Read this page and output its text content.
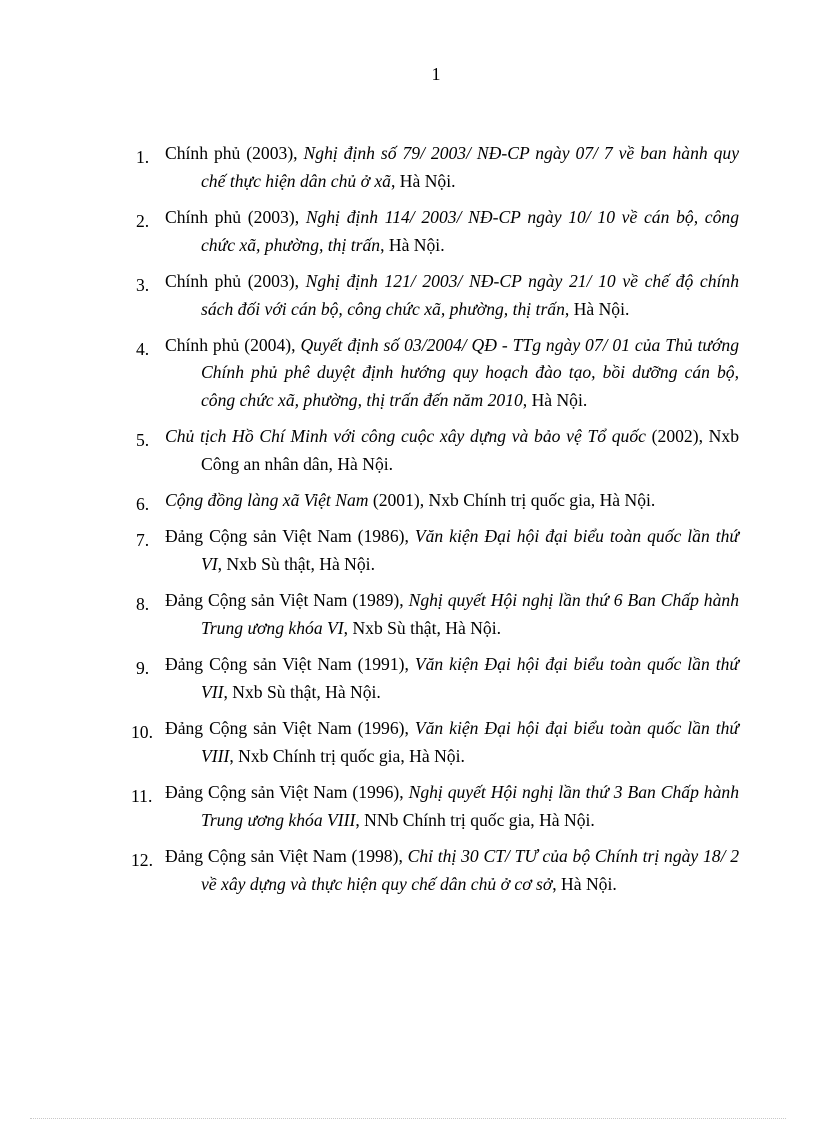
1
1. Chính phủ (2003), Nghị định số 79/ 2003/ NĐ-CP ngày 07/ 7 về ban hành quy chế thực hiện dân chủ ở xã, Hà Nội.
2. Chính phủ (2003), Nghị định 114/ 2003/ NĐ-CP ngày 10/ 10 về cán bộ, công chức xã, phường, thị trấn, Hà Nội.
3. Chính phủ (2003), Nghị định 121/ 2003/ NĐ-CP ngày 21/ 10 về chế độ chính sách đối với cán bộ, công chức xã, phường, thị trấn, Hà Nội.
4. Chính phủ (2004), Quyết định số 03/2004/ QĐ - TTg ngày 07/ 01 của Thủ tướng Chính phủ phê duyệt định hướng quy hoạch đào tạo, bồi dưỡng cán bộ, công chức xã, phường, thị trấn đến năm 2010, Hà Nội.
5. Chủ tịch Hồ Chí Minh với công cuộc xây dựng và bảo vệ Tổ quốc (2002), Nxb Công an nhân dân, Hà Nội.
6. Cộng đồng làng xã Việt Nam (2001), Nxb Chính trị quốc gia, Hà Nội.
7. Đảng Cộng sản Việt Nam (1986), Văn kiện Đại hội đại biểu toàn quốc lần thứ VI, Nxb Sù thật, Hà Nội.
8. Đảng Cộng sản Việt Nam (1989), Nghị quyết Hội nghị lần thứ 6 Ban Chấp hành Trung ương khóa VI, Nxb Sù thật, Hà Nội.
9. Đảng Cộng sản Việt Nam (1991), Văn kiện Đại hội đại biểu toàn quốc lần thứ VII, Nxb Sù thật, Hà Nội.
10. Đảng Cộng sản Việt Nam (1996), Văn kiện Đại hội đại biểu toàn quốc lần thứ VIII, Nxb Chính trị quốc gia, Hà Nội.
11. Đảng Cộng sản Việt Nam (1996), Nghị quyết Hội nghị lần thứ 3 Ban Chấp hành Trung ương khóa VIII, NNb Chính trị quốc gia, Hà Nội.
12. Đảng Cộng sản Việt Nam (1998), Chỉ thị 30 CT/ TƯ của bộ Chính trị ngày 18/ 2 về xây dựng và thực hiện quy chế dân chủ ở cơ sở, Hà Nội.
